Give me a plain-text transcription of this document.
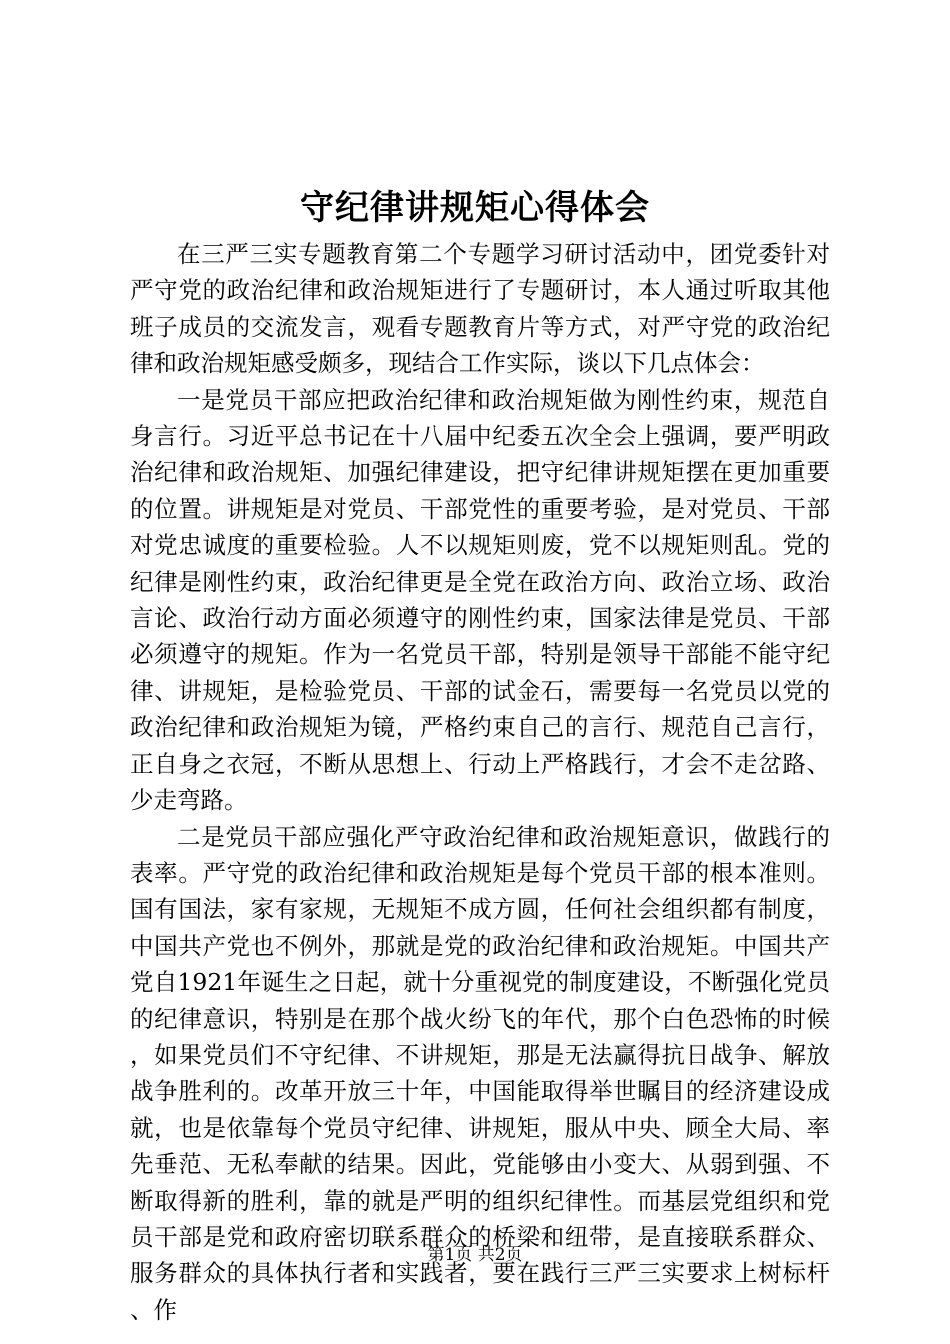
守纪律讲规矩心得体会

在三严三实专题教育第二个专题学习研讨活动中，团党委针对严守党的政治纪律和政治规矩进行了专题研讨，本人通过听取其他班子成员的交流发言，观看专题教育片等方式，对严守党的政治纪律和政治规矩感受颇多，现结合工作实际，谈以下几点体会：

一是党员干部应把政治纪律和政治规矩做为刚性约束，规范自身言行。习近平总书记在十八届中纪委五次全会上强调，要严明政治纪律和政治规矩、加强纪律建设，把守纪律讲规矩摆在更加重要的位置。讲规矩是对党员、干部党性的重要考验，是对党员、干部对党忠诚度的重要检验。人不以规矩则废，党不以规矩则乱。党的纪律是刚性约束，政治纪律更是全党在政治方向、政治立场、政治言论、政治行动方面必须遵守的刚性约束，国家法律是党员、干部必须遵守的规矩。作为一名党员干部，特别是领导干部能不能守纪律、讲规矩，是检验党员、干部的试金石，需要每一名党员以党的政治纪律和政治规矩为镜，严格约束自己的言行、规范自己言行，正自身之衣冠，不断从思想上、行动上严格践行，才会不走岔路、少走弯路。

二是党员干部应强化严守政治纪律和政治规矩意识，做践行的表率。严守党的政治纪律和政治规矩是每个党员干部的根本准则。国有国法，家有家规，无规矩不成方圆，任何社会组织都有制度，中国共产党也不例外，那就是党的政治纪律和政治规矩。中国共产党自1921年诞生之日起，就十分重视党的制度建设，不断强化党员的纪律意识，特别是在那个战火纷飞的年代，那个白色恐怖的时候，如果党员们不守纪律、不讲规矩，那是无法赢得抗日战争、解放战争胜利的。改革开放三十年，中国能取得举世瞩目的经济建设成就，也是依靠每个党员守纪律、讲规矩，服从中央、顾全大局、率先垂范、无私奉献的结果。因此，党能够由小变大、从弱到强、不断取得新的胜利，靠的就是严明的组织纪律性。而基层党组织和党员干部是党和政府密切联系群众的桥梁和纽带，是直接联系群众、服务群众的具体执行者和实践者，要在践行三严三实要求上树标杆、作

第1页 共2页
